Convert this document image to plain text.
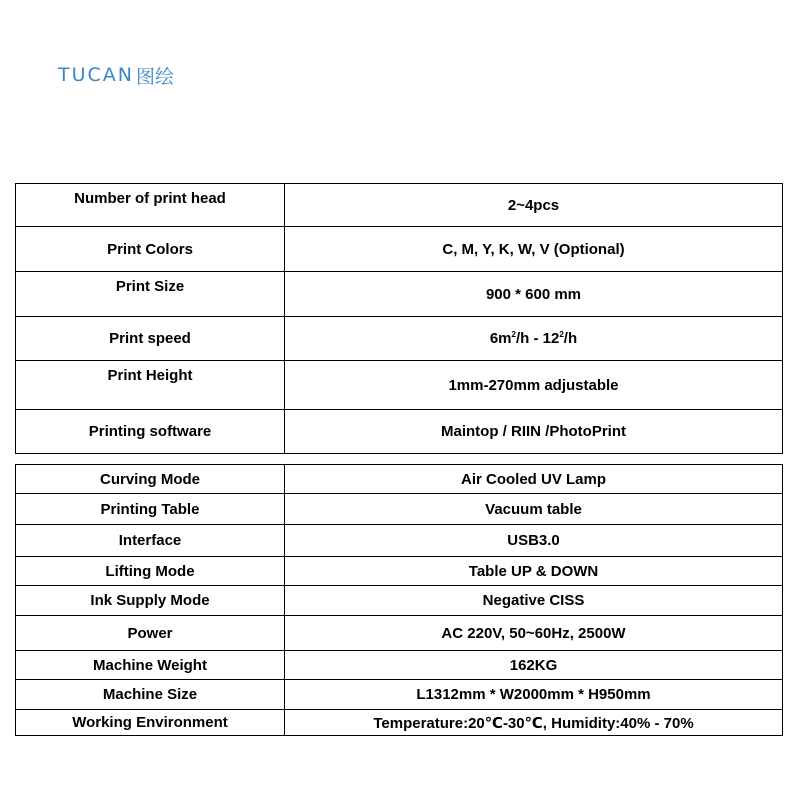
TUCAN 图绘
Number of print head	2~4pcs
Print Colors	C, M, Y, K, W, V (Optional)
Print Size	900 * 600 mm
Print speed	$6m^2/h - 12^2/h$
Print Height	1mm-270mm adjustable
Printing software	Maintop / RIIN /PhotoPrint
Curving Mode	Air Cooled UV Lamp
Printing Table	Vacuum table
Interface	USB3.0
Lifting Mode	Table UP & DOWN
Ink Supply Mode	Negative CISS
Power	AC 220V, 50~60Hz, 2500W
Machine Weight	162KG
Machine Size	L1312mm * W2000mm * H950mm
Working Environment	Temperature:20℃-30℃, Humidity:40% - 70%
